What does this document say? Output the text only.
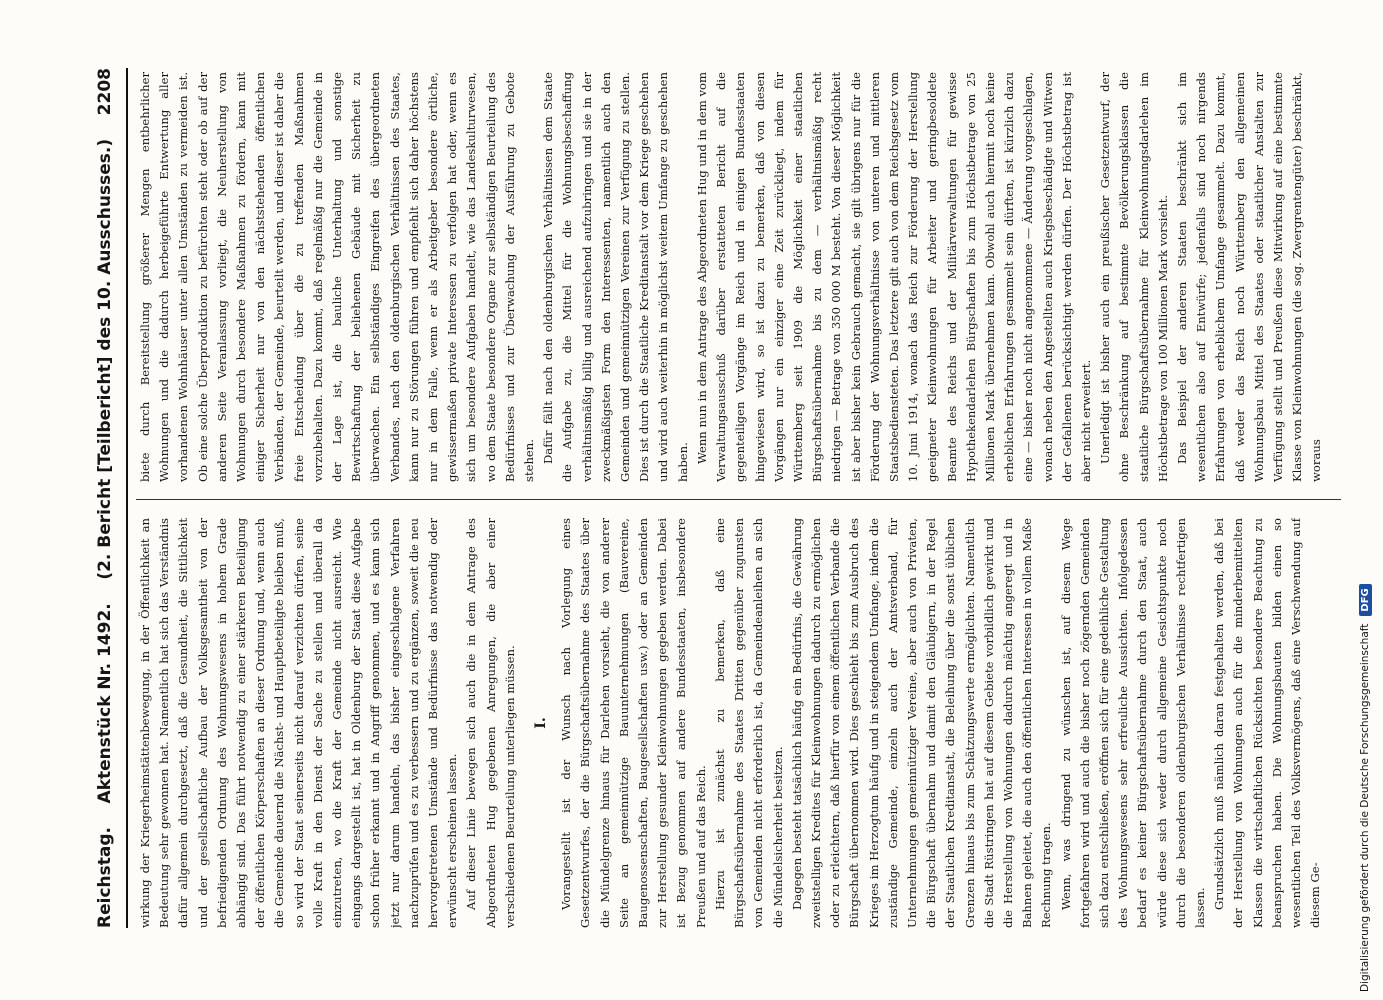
Reichstag.
Aktenstück Nr. 1492.
(2. Bericht [Teilbericht] des 10. Ausschusses.)
2208

wirkung der Kriegerheimstättenbewegung, in der Öffentlichkeit an Bedeutung sehr gewonnen hat. Namentlich hat sich das Verständnis dafür allgemein durchgesetzt, daß die Gesundheit, die Sittlichkeit und der gesellschaftliche Aufbau der Volksgesamtheit von der befriedigenden Ordnung des Wohnungswesens in hohem Grade abhängig sind. Das führt notwendig zu einer stärkeren Beteiligung der öffentlichen Körperschaften an dieser Ordnung und, wenn auch die Gemeinde dauernd die Nächst- und Hauptbeteiligte bleiben muß, so wird der Staat seinerseits nicht darauf verzichten dürfen, seine volle Kraft in den Dienst der Sache zu stellen und überall da einzutreten, wo die Kraft der Gemeinde nicht ausreicht. Wie eingangs dargestellt ist, hat in Oldenburg der Staat diese Aufgabe schon früher erkannt und in Angriff genommen, und es kann sich jetzt nur darum handeln, das bisher eingeschlagene Verfahren nachzuprüfen und es zu verbessern und zu ergänzen, soweit die neu hervorgetretenen Umstände und Bedürfnisse das notwendig oder erwünscht erscheinen lassen. Auf dieser Linie bewegen sich auch die in dem Antrage des Abgeordneten Hug gegebenen Anregungen, die aber einer verschiedenen Beurteilung unterliegen müssen. I. Vorangestellt ist der Wunsch nach Vorlegung eines Gesetzentwurfes, der die Bürgschaftsübernahme des Staates über die Mündelgrenze hinaus für Darlehen vorsieht, die von anderer Seite an gemeinnützige Bauunternehmungen (Bauvereine, Baugenossenschaften, Baugesellschaften usw.) oder an Gemeinden zur Herstellung gesunder Kleinwohnungen gegeben werden. Dabei ist Bezug genommen auf andere Bundesstaaten, insbesondere Preußen und auf das Reich. Hierzu ist zunächst zu bemerken, daß eine Bürgschaftsübernahme des Staates Dritten gegenüber zugunsten von Gemeinden nicht erforderlich ist, da Gemeindeanleihen an sich die Mündelsicherheit besitzen. Dagegen besteht tatsächlich häufig ein Bedürfnis, die Gewährung zweitstelligen Kredites für Kleinwohnungen dadurch zu ermöglichen oder zu erleichtern, daß hierfür von einem öffentlichen Verbande die Bürgschaft übernommen wird. Dies geschieht bis zum Ausbruch des Krieges im Herzogtum häufig und in steigendem Umfange, indem die zuständige Gemeinde, einzeln auch der Amtsverband, für Unternehmungen gemeinnütziger Vereine, aber auch von Privaten, die Bürgschaft übernahm und damit den Gläubigern, in der Regel der Staatlichen Kreditanstalt, die Beleihung über die sonst üblichen Grenzen hinaus bis zum Schätzungswerte ermöglichten. Namentlich die Stadt Rüstringen hat auf diesem Gebiete vorbildlich gewirkt und die Herstellung von Wohnungen dadurch mächtig angeregt und in Bahnen geleitet, die auch den öffentlichen Interessen in vollem Maße Rechnung tragen. Wenn, was dringend zu wünschen ist, auf diesem Wege fortgefahren wird und auch die bisher noch zögernden Gemeinden sich dazu entschließen, eröffnen sich für eine gedeihliche Gestaltung des Wohnungswesens sehr erfreuliche Aussichten. Infolgedessen bedarf es keiner Bürgschaftsübernahme durch den Staat, auch würde diese sich weder durch allgemeine Gesichtspunkte noch durch die besonderen oldenburgischen Verhältnisse rechtfertigen lassen. Grundsätzlich muß nämlich daran festgehalten werden, daß bei der Herstellung von Wohnungen auch für die minderbemittelten Klassen die wirtschaftlichen Rücksichten besondere Beachtung zu beanspruchen haben. Die Wohnungsbauten bilden einen so wesentlichen Teil des Volksvermögens, daß eine Verschwendung auf diesem Ge-

biete durch Bereitstellung größerer Mengen entbehrlicher Wohnungen und die dadurch herbeigeführte Entwertung aller vorhandenen Wohnhäuser unter allen Umständen zu vermeiden ist. Ob eine solche Überproduktion zu befürchten steht oder ob auf der anderen Seite Veranlassung vorliegt, die Neuherstellung von Wohnungen durch besondere Maßnahmen zu fördern, kann mit einiger Sicherheit nur von den nächststehenden öffentlichen Verbänden, der Gemeinde, beurteilt werden, und dieser ist daher die freie Entscheidung über die zu treffenden Maßnahmen vorzubehalten. Dazu kommt, daß regelmäßig nur die Gemeinde in der Lage ist, die bauliche Unterhaltung und sonstige Bewirtschaftung der beliehenen Gebäude mit Sicherheit zu überwachen. Ein selbständiges Eingreifen des übergeordneten Verbandes, nach den oldenburgischen Verhältnissen des Staates, kann nur zu Störungen führen und empfiehlt sich daher höchstens nur in dem Falle, wenn er als Arbeitgeber besondere örtliche, gewissermaßen private Interessen zu verfolgen hat oder, wenn es sich um besondere Aufgaben handelt, wie das Landeskulturwesen, wo dem Staate besondere Organe zur selbständigen Beurteilung des Bedürfnisses und zur Überwachung der Ausführung zu Gebote stehen. Dafür fällt nach den oldenburgischen Verhältnissen dem Staate die Aufgabe zu, die Mittel für die Wohnungsbeschaffung verhältnismäßig billig und ausreichend aufzubringen und sie in der zweckmäßigsten Form den Interessenten, namentlich auch den Gemeinden und gemeinnützigen Vereinen zur Verfügung zu stellen. Dies ist durch die Staatliche Kreditanstalt vor dem Kriege geschehen und wird auch weiterhin in möglichst weitem Umfange zu geschehen haben. Wenn nun in dem Antrage des Abgeordneten Hug und in dem vom Verwaltungsausschuß darüber erstatteten Bericht auf die gegenteiligen Vorgänge im Reich und in einigen Bundesstaaten hingewiesen wird, so ist dazu zu bemerken, daß von diesen Vorgängen nur ein einziger eine Zeit zurückliegt, indem für Württemberg seit 1909 die Möglichkeit einer staatlichen Bürgschaftsübernahme bis zu dem — verhältnismäßig recht niedrigen — Betrage von 350 000 M besteht. Von dieser Möglichkeit ist aber bisher kein Gebrauch gemacht, sie gilt übrigens nur für die Förderung der Wohnungsverhältnisse von unteren und mittleren Staatsbediensteten. Das letztere gilt auch von dem Reichsgesetz vom 10. Juni 1914, wonach das Reich zur Förderung der Herstellung geeigneter Kleinwohnungen für Arbeiter und geringbesoldete Beamte des Reichs und der Militärverwaltungen für gewisse Hypothekendarlehen Bürgschaften bis zum Höchstbetrage von 25 Millionen Mark übernehmen kann. Obwohl auch hiermit noch keine erheblichen Erfahrungen gesammelt sein dürften, ist kürzlich dazu eine — bisher noch nicht angenommene — Änderung vorgeschlagen, wonach neben den Angestellten auch Kriegsbeschädigte und Witwen der Gefallenen berücksichtigt werden dürfen. Der Höchstbetrag ist aber nicht erweitert. Unerledigt ist bisher auch ein preußischer Gesetzentwurf, der ohne Beschränkung auf bestimmte Bevölkerungsklassen die staatliche Bürgschaftsübernahme für Kleinwohnungsdarlehen im Höchstbetrage von 100 Millionen Mark vorsieht. Das Beispiel der anderen Staaten beschränkt sich im wesentlichen also auf Entwürfe; jedenfalls sind noch nirgends Erfahrungen von erheblichem Umfange gesammelt. Dazu kommt, daß weder das Reich noch Württemberg den allgemeinen Wohnungsbau Mittel des Staates oder staatlicher Anstalten zur Verfügung stellt und Preußen diese Mitwirkung auf eine bestimmte Klasse von Kleinwohnungen (die sog. Zwergrentengüter) beschränkt, woraus

Digitalisierung gefördert durch die Deutsche Forschungsgemeinschaft
DFG
